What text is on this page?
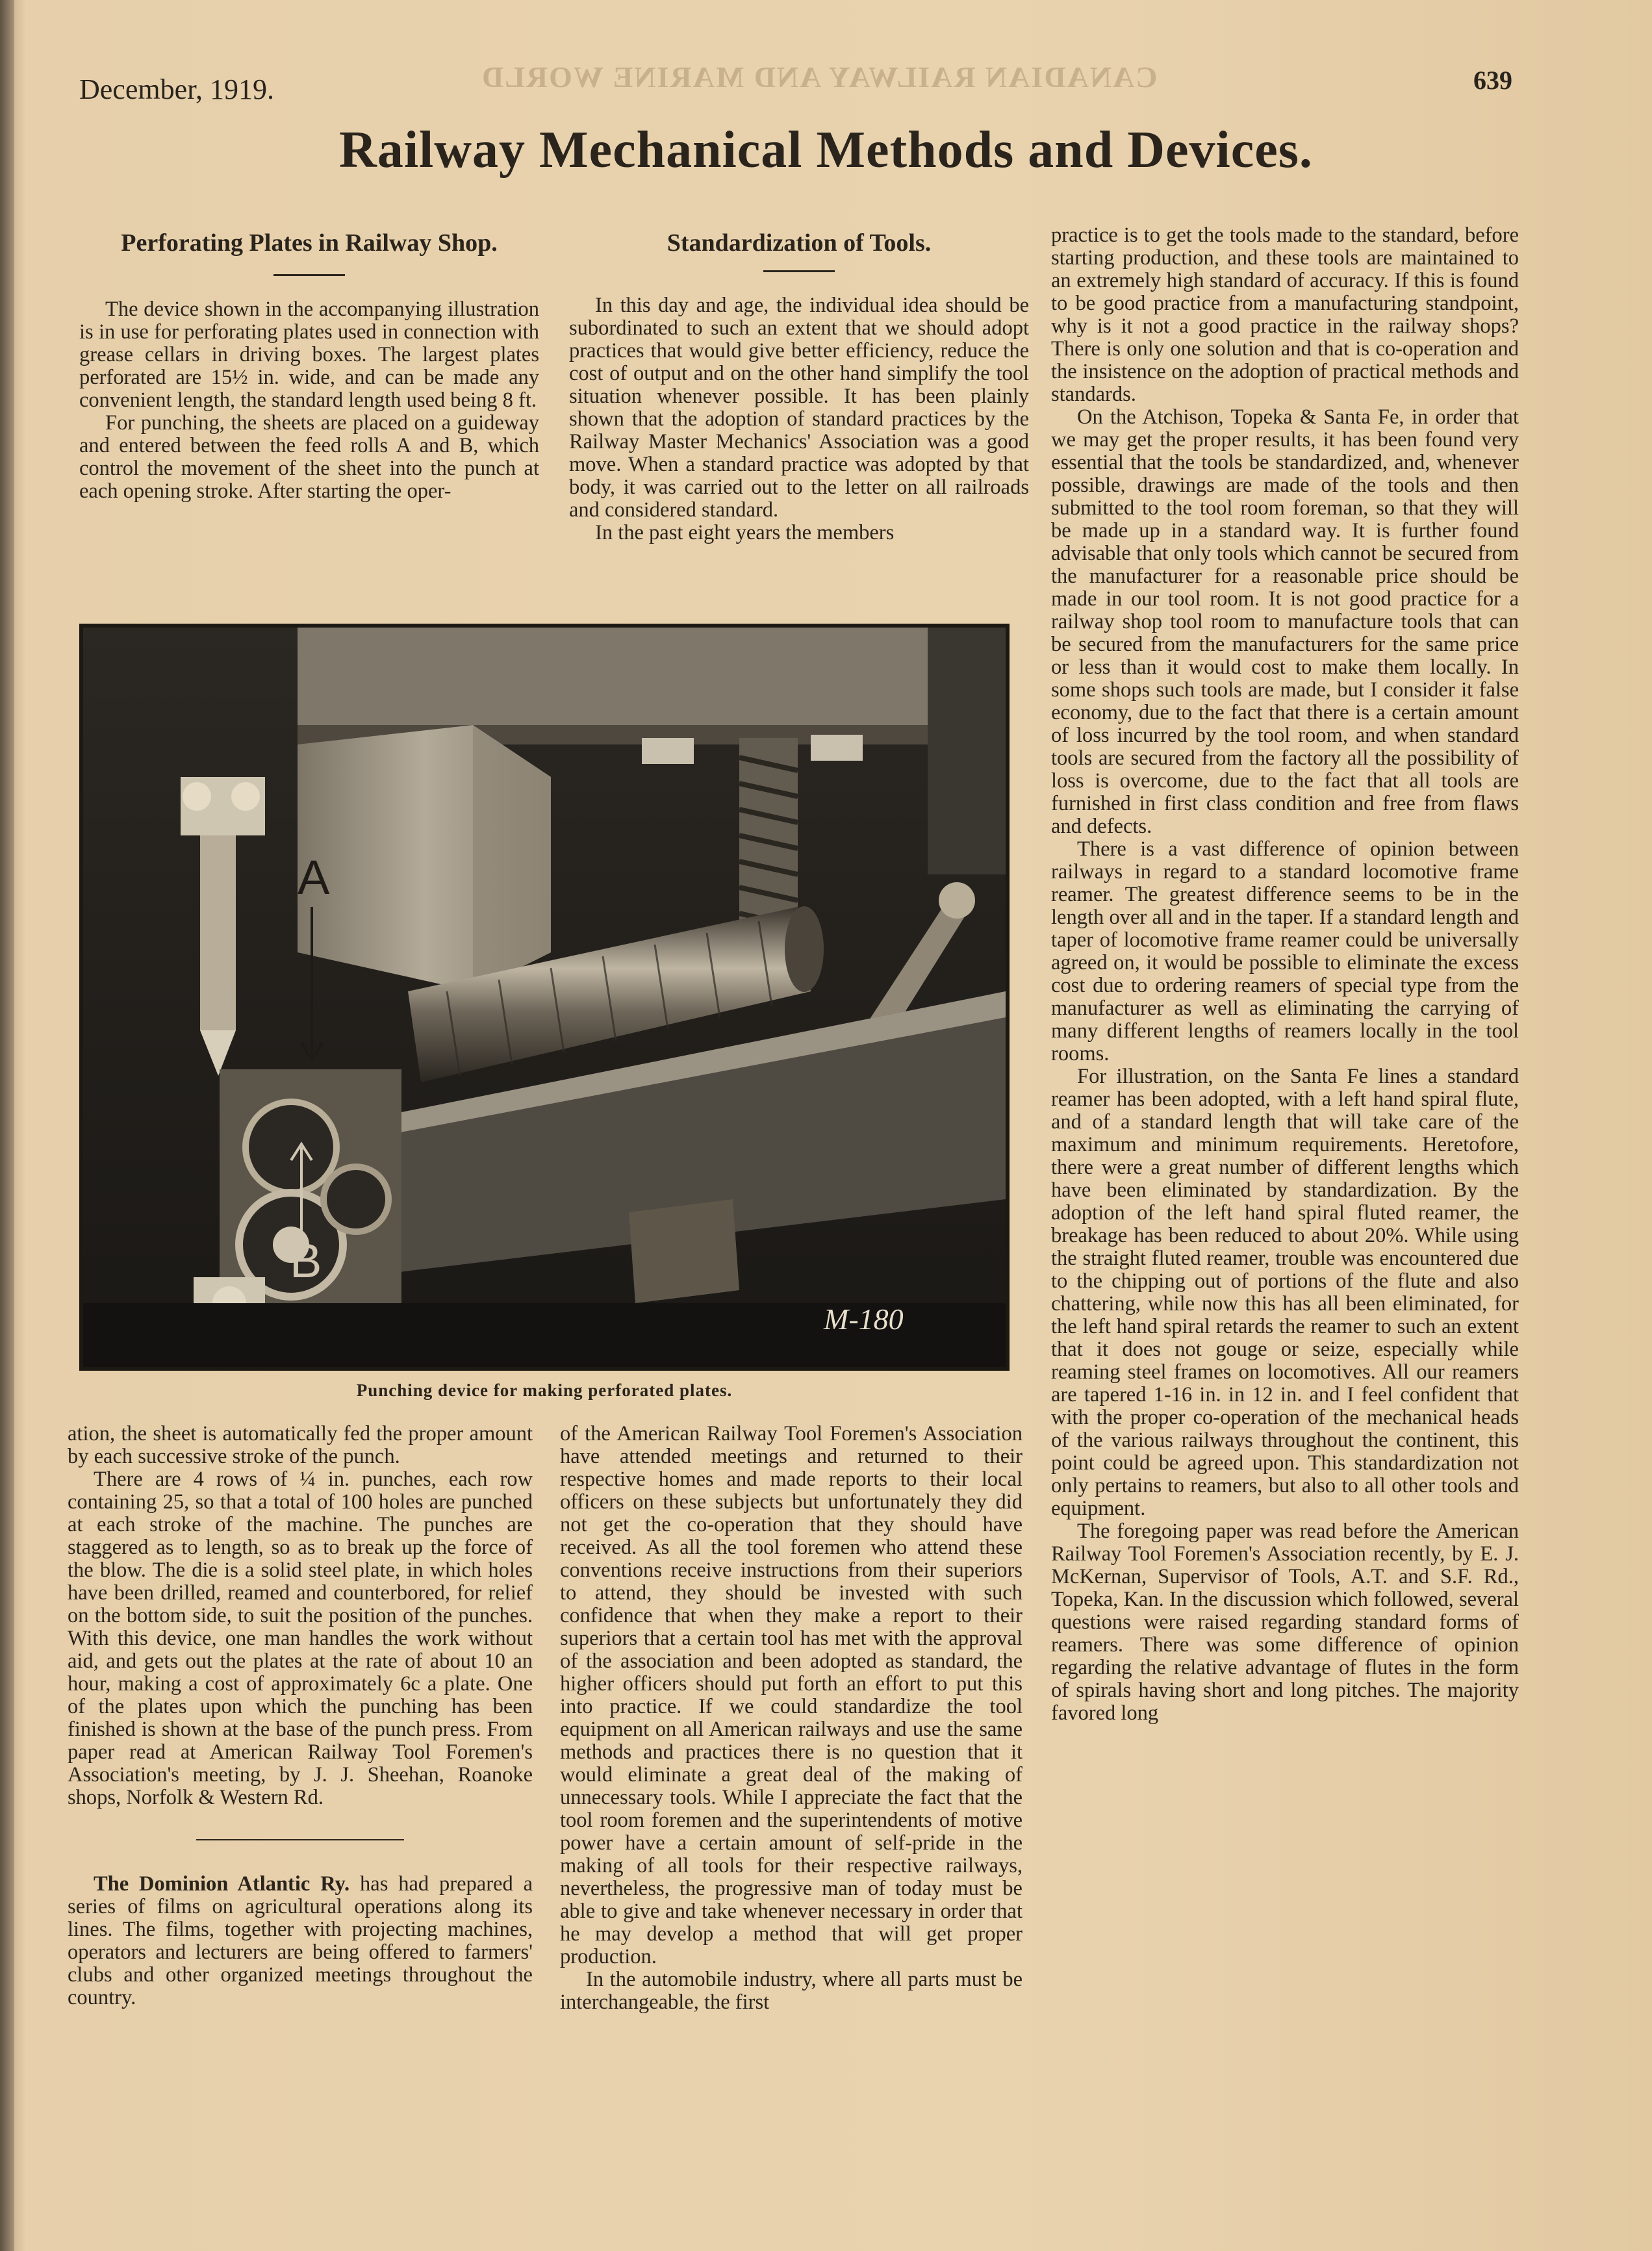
CANADIAN RAILWAY AND MARINE WORLD
December, 1919.	639
Railway Mechanical Methods and Devices.
Perforating Plates in Railway Shop.

The device shown in the accompanying illustration is in use for perforating plates used in connection with grease cellars in driving boxes. The largest plates perforated are 15½ in. wide, and can be made any convenient length, the standard length used being 8 ft.

For punching, the sheets are placed on a guideway and entered between the feed rolls A and B, which control the movement of the sheet into the punch at each opening stroke. After starting the oper-

Standardization of Tools.

In this day and age, the individual idea should be subordinated to such an extent that we should adopt practices that would give better efficiency, reduce the cost of output and on the other hand simplify the tool situation whenever possible. It has been plainly shown that the adoption of standard practices by the Railway Master Mechanics' Association was a good move. When a standard practice was adopted by that body, it was carried out to the letter on all railroads and considered standard.

In the past eight years the members

A
B
M-180
Punching device for making perforated plates.

ation, the sheet is automatically fed the proper amount by each successive stroke of the punch.

There are 4 rows of ¼ in. punches, each row containing 25, so that a total of 100 holes are punched at each stroke of the machine. The punches are staggered as to length, so as to break up the force of the blow. The die is a solid steel plate, in which holes have been drilled, reamed and counterbored, for relief on the bottom side, to suit the position of the punches. With this device, one man handles the work without aid, and gets out the plates at the rate of about 10 an hour, making a cost of approximately 6c a plate. One of the plates upon which the punching has been finished is shown at the base of the punch press. From paper read at American Railway Tool Foremen's Association's meeting, by J. J. Sheehan, Roanoke shops, Norfolk & Western Rd.

The Dominion Atlantic Ry. has had prepared a series of films on agricultural operations along its lines. The films, together with projecting machines, operators and lecturers are being offered to farmers' clubs and other organized meetings throughout the country.

of the American Railway Tool Foremen's Association have attended meetings and returned to their respective homes and made reports to their local officers on these subjects but unfortunately they did not get the co-operation that they should have received. As all the tool foremen who attend these conventions receive instructions from their superiors to attend, they should be invested with such confidence that when they make a report to their superiors that a certain tool has met with the approval of the association and been adopted as standard, the higher officers should put forth an effort to put this into practice. If we could standardize the tool equipment on all American railways and use the same methods and practices there is no question that it would eliminate a great deal of the making of unnecessary tools. While I appreciate the fact that the tool room foremen and the superintendents of motive power have a certain amount of self-pride in the making of all tools for their respective railways, nevertheless, the progressive man of today must be able to give and take whenever necessary in order that he may develop a method that will get proper production.

In the automobile industry, where all parts must be interchangeable, the first

practice is to get the tools made to the standard, before starting production, and these tools are maintained to an extremely high standard of accuracy. If this is found to be good practice from a manufacturing standpoint, why is it not a good practice in the railway shops? There is only one solution and that is co-operation and the insistence on the adoption of practical methods and standards.

On the Atchison, Topeka & Santa Fe, in order that we may get the proper results, it has been found very essential that the tools be standardized, and, whenever possible, drawings are made of the tools and then submitted to the tool room foreman, so that they will be made up in a standard way. It is further found advisable that only tools which cannot be secured from the manufacturer for a reasonable price should be made in our tool room. It is not good practice for a railway shop tool room to manufacture tools that can be secured from the manufacturers for the same price or less than it would cost to make them locally. In some shops such tools are made, but I consider it false economy, due to the fact that there is a certain amount of loss incurred by the tool room, and when standard tools are secured from the factory all the possibility of loss is overcome, due to the fact that all tools are furnished in first class condition and free from flaws and defects.

There is a vast difference of opinion between railways in regard to a standard locomotive frame reamer. The greatest difference seems to be in the length over all and in the taper. If a standard length and taper of locomotive frame reamer could be universally agreed on, it would be possible to eliminate the excess cost due to ordering reamers of special type from the manufacturer as well as eliminating the carrying of many different lengths of reamers locally in the tool rooms.

For illustration, on the Santa Fe lines a standard reamer has been adopted, with a left hand spiral flute, and of a standard length that will take care of the maximum and minimum requirements. Heretofore, there were a great number of different lengths which have been eliminated by standardization. By the adoption of the left hand spiral fluted reamer, the breakage has been reduced to about 20%. While using the straight fluted reamer, trouble was encountered due to the chipping out of portions of the flute and also chattering, while now this has all been eliminated, for the left hand spiral retards the reamer to such an extent that it does not gouge or seize, especially while reaming steel frames on locomotives. All our reamers are tapered 1-16 in. in 12 in. and I feel confident that with the proper co-operation of the mechanical heads of the various railways throughout the continent, this point could be agreed upon. This standardization not only pertains to reamers, but also to all other tools and equipment.

The foregoing paper was read before the American Railway Tool Foremen's Association recently, by E. J. McKernan, Supervisor of Tools, A.T. and S.F. Rd., Topeka, Kan. In the discussion which followed, several questions were raised regarding standard forms of reamers. There was some difference of opinion regarding the relative advantage of flutes in the form of spirals having short and long pitches. The majority favored long
